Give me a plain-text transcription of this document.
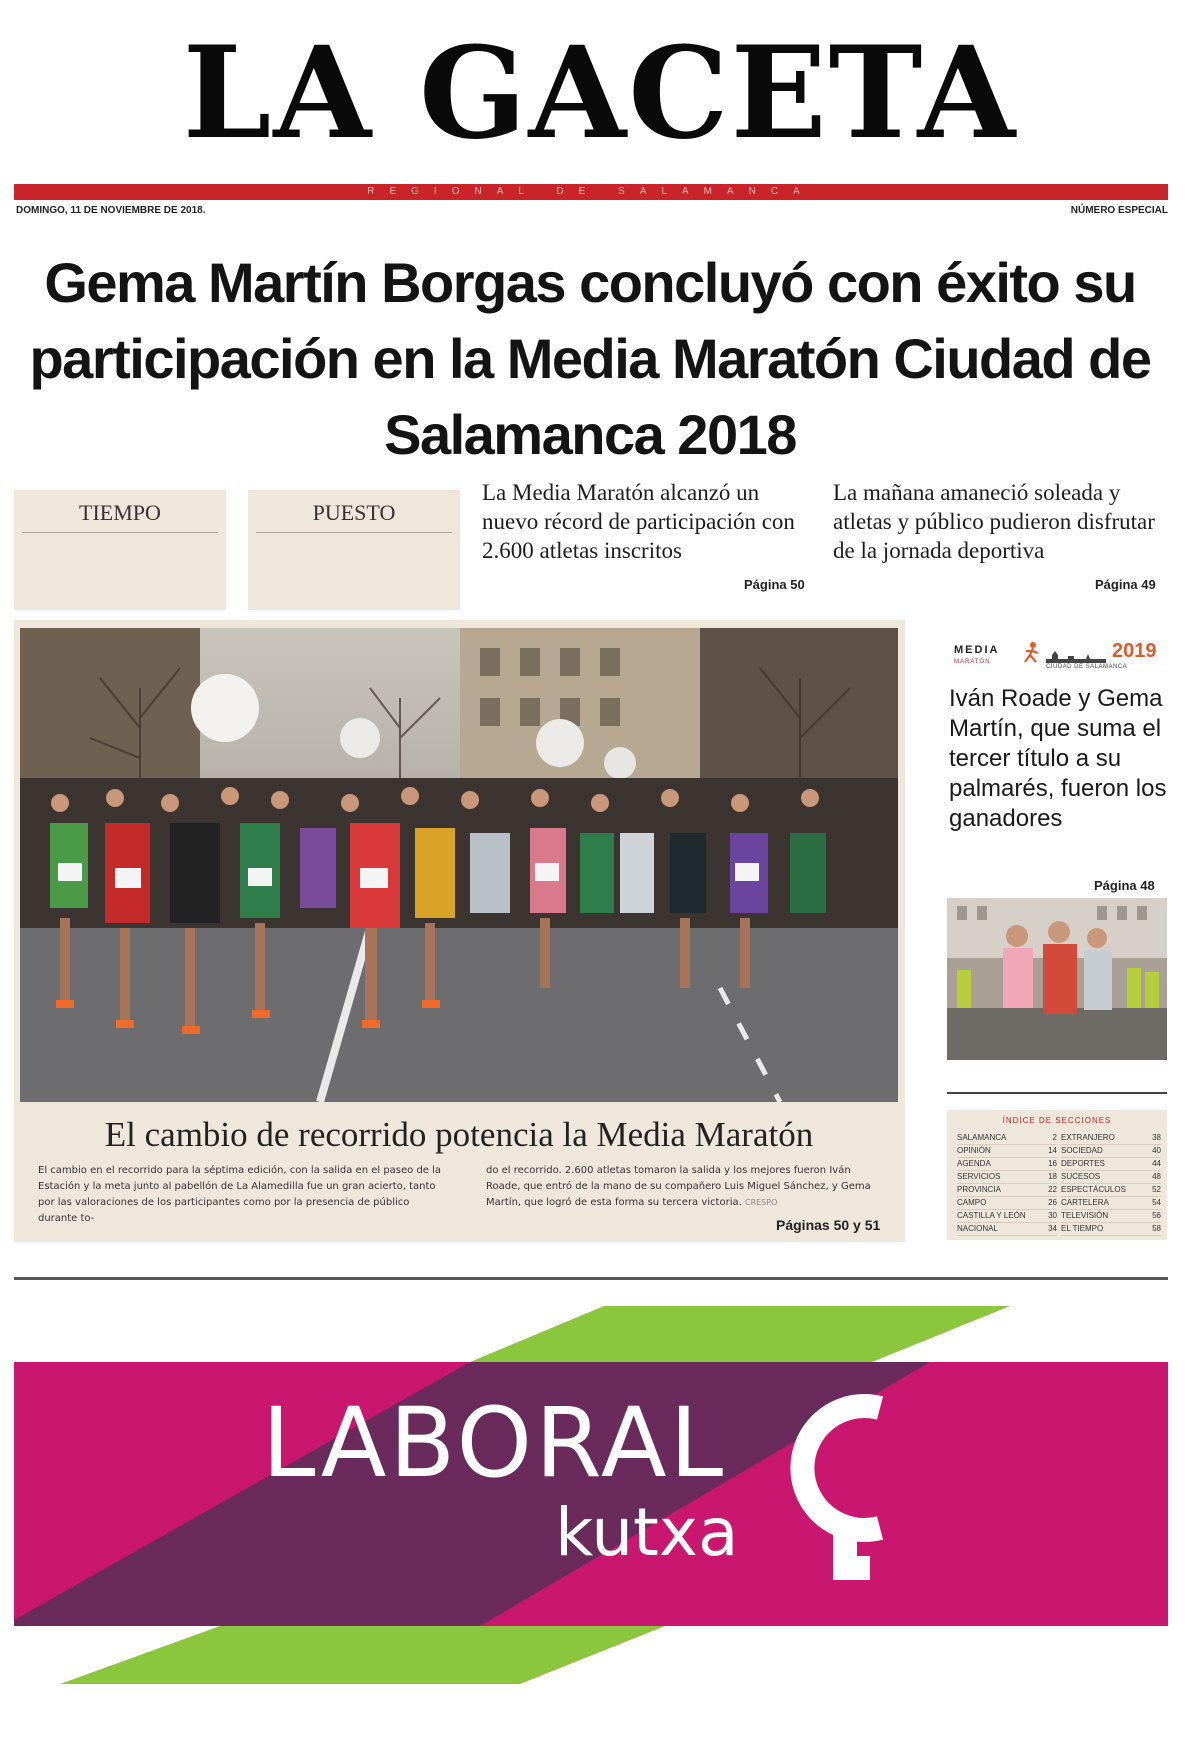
LA GACETA
REGIONAL DE SALAMANCA
DOMINGO, 11 DE NOVIEMBRE DE 2018.	NÚMERO ESPECIAL
Gema Martín Borgas concluyó con éxito su participación en la Media Maratón Ciudad de Salamanca 2018
TIEMPO	PUESTO
La Media Maratón alcanzó un nuevo récord de participación con 2.600 atletas inscritos
Página 50
La mañana amaneció soleada y atletas y público pudieron disfrutar de la jornada deportiva
Página 49
El cambio de recorrido potencia la Media Maratón
El cambio en el recorrido para la séptima edición, con la salida en el paseo de la Estación y la meta junto al pabellón de La Alamedilla fue un gran acierto, tanto por las valoraciones de los participantes como por la presencia de público durante to-
do el recorrido. 2.600 atletas tomaron la salida y los mejores fueron Iván Roade, que entró de la mano de su compañero Luis Miguel Sánchez, y Gema Martín, que logró de esta forma su tercera victoria. CRESPO
Páginas 50 y 51
MEDIA
MARATÓN	2019
CIUDAD DE SALAMANCA
Iván Roade y Gema Martín, que suma el tercer título a su palmarés, fueron los ganadores
Página 48
ÍNDICE DE SECCIONES
SALAMANCA	2
OPINIÓN	14
AGENDA	16
SERVICIOS	18
PROVINCIA	22
CAMPO	26
CASTILLA Y LEÓN	30
NACIONAL	34
EXTRANJERO	38
SOCIEDAD	40
DEPORTES	44
SUCESOS	48
ESPECTÁCULOS	52
CARTELERA	54
TELEVISIÓN	56
EL TIEMPO	58
LABORAL
kutxa
